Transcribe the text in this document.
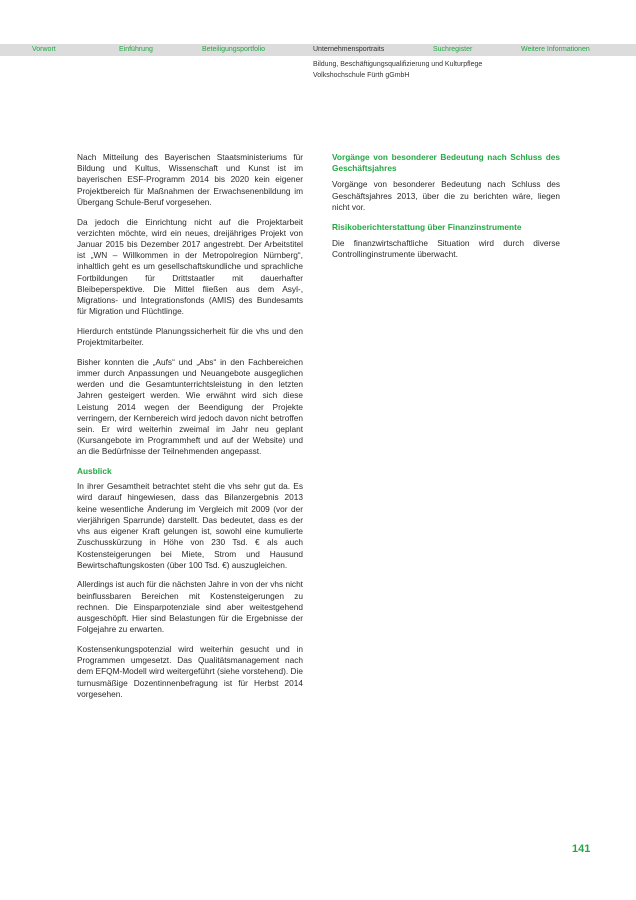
Vorwort	Einführung	Beteiligungsportfolio	Unternehmensportraits	Suchregister	Weitere Informationen
Bildung, Beschäftigungsqualifizierung und Kulturpflege
Volkshochschule Fürth gGmbH

Nach Mitteilung des Bayerischen Staatsministeriums für Bildung und Kultus, Wissenschaft und Kunst ist im bayerischen ESF-Programm 2014 bis 2020 kein eigener Projektbereich für Maßnahmen der Erwachsenenbildung im Übergang Schule-Beruf vorgesehen.

Da jedoch die Einrichtung nicht auf die Projektarbeit verzichten möchte, wird ein neues, dreijähriges Projekt von Januar 2015 bis Dezember 2017 angestrebt. Der Arbeitstitel ist „WN – Willkommen in der Metropolregion Nürnberg“, inhaltlich geht es um gesellschaftskundliche und sprachliche Fortbildungen für Drittstaatler mit dauerhafter Bleibeperspektive. Die Mittel fließen aus dem Asyl-, Migrations- und Integrationsfonds (AMIS) des Bundesamts für Migration und Flüchtlinge.

Hierdurch entstünde Planungssicherheit für die vhs und den Projektmitarbeiter.

Bisher konnten die „Aufs“ und „Abs“ in den Fachbereichen immer durch Anpassungen und Neuangebote ausgeglichen werden und die Gesamtunterrichtsleistung in den letzten Jahren gesteigert werden. Wie erwähnt wird sich diese Leistung 2014 wegen der Beendigung der Projekte verringern, der Kernbereich wird jedoch davon nicht betroffen sein. Er wird weiterhin zweimal im Jahr neu geplant (Kursangebote im Programmheft und auf der Website) und an die Bedürfnisse der Teilnehmenden angepasst.

Ausblick

In ihrer Gesamtheit betrachtet steht die vhs sehr gut da. Es wird darauf hingewiesen, dass das Bilanzergebnis 2013 keine wesentliche Änderung im Vergleich mit 2009 (vor der vierjährigen Sparrunde) darstellt. Das bedeutet, dass es der vhs aus eigener Kraft gelungen ist, sowohl eine kumulierte Zuschusskürzung in Höhe von 230 Tsd. € als auch Kostensteigerungen bei Miete, Strom und Hausund Bewirtschaftungskosten (über 100 Tsd. €) auszugleichen.

Allerdings ist auch für die nächsten Jahre in von der vhs nicht beinflussbaren Bereichen mit Kostensteigerungen zu rechnen. Die Einsparpotenziale sind aber weitestgehend ausgeschöpft. Hier sind Belastungen für die Ergebnisse der Folgejahre zu erwarten.

Kostensenkungspotenzial wird weiterhin gesucht und in Programmen umgesetzt. Das Qualitätsmanagement nach dem EFQM-Modell wird weitergeführt (siehe vorstehend). Die turnusmäßige Dozentinnenbefragung ist für Herbst 2014 vorgesehen.

Vorgänge von besonderer Bedeutung nach Schluss des Geschäftsjahres

Vorgänge von besonderer Bedeutung nach Schluss des Geschäftsjahres 2013, über die zu berichten wäre, liegen nicht vor.

Risikoberichterstattung über Finanzinstrumente

Die finanzwirtschaftliche Situation wird durch diverse Controllinginstrumente überwacht.

141
